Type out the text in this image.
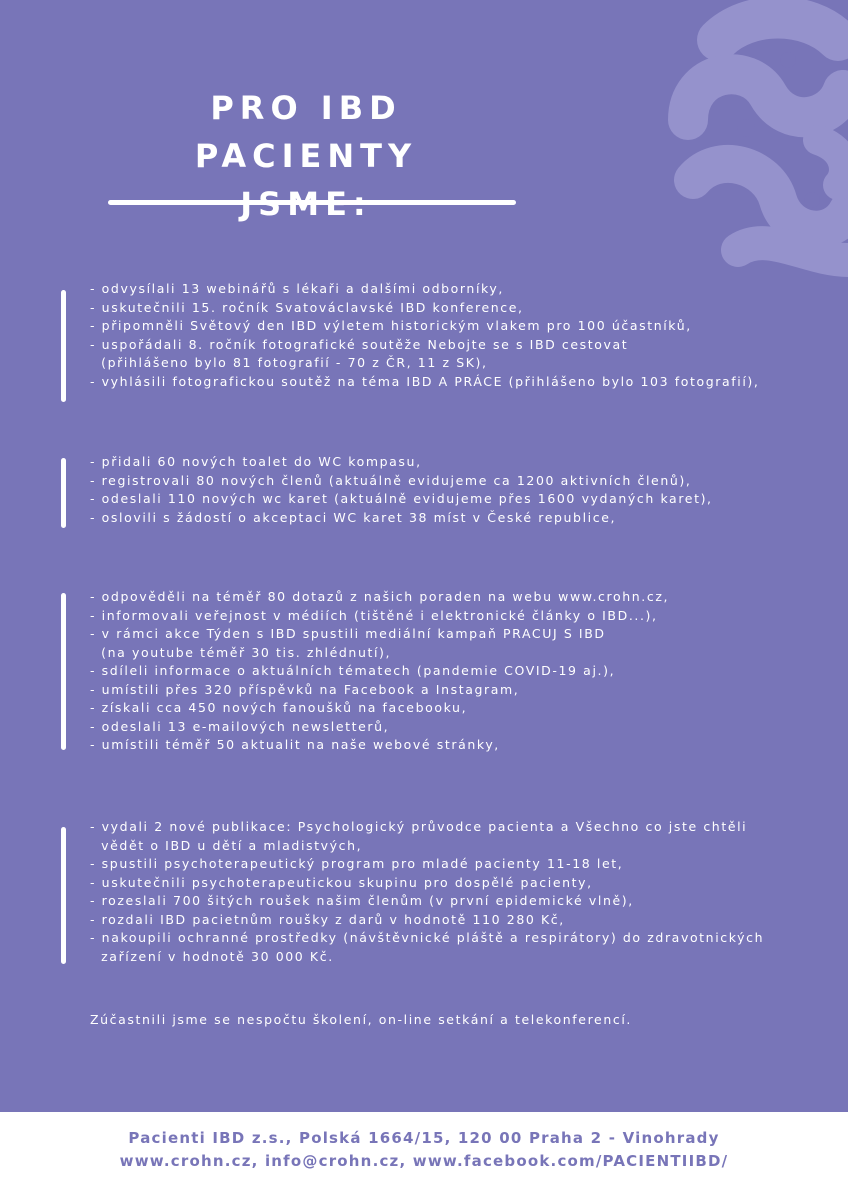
PRO IBD PACIENTY

- odvysílali 13 webinářů s lékaři a dalšími odborníky,
- uskutečnili 15. ročník Svatováclavské IBD konference,
- připomněli Světový den IBD výletem historickým vlakem pro 100 účastníků,
- uspořádali 8. ročník fotografické soutěže Nebojte se s IBD cestovat
(přihlášeno bylo 81 fotografií - 70 z ČR, 11 z SK),
- vyhlásili fotografickou soutěž na téma IBD A PRÁCE (přihlášeno bylo 103 fotografií),
- přidali 60 nových toalet do WC kompasu,
- registrovali 80 nových členů (aktuálně evidujeme ca 1200 aktivních členů),
- odeslali 110 nových wc karet (aktuálně evidujeme přes 1600 vydaných karet),
- oslovili s žádostí o akceptaci WC karet 38 míst v České republice,
- odpověděli na téměř 80 dotazů z našich poraden na webu www.crohn.cz,
- informovali veřejnost v médiích (tištěné i elektronické články o IBD...),
- v rámci akce Týden s IBD spustili mediální kampaň PRACUJ S IBD
(na youtube téměř 30 tis. zhlédnutí),
- sdíleli informace o aktuálních tématech (pandemie COVID-19 aj.),
- umístili přes 320 příspěvků na Facebook a Instagram,
- získali cca 450 nových fanoušků na facebooku,
- odeslali 13 e-mailových newsletterů,
- umístili téměř 50 aktualit na naše webové stránky,
- vydali 2 nové publikace: Psychologický průvodce pacienta a Všechno co jste chtěli
vědět o IBD u dětí a mladistvých,
- spustili psychoterapeutický program pro mladé pacienty 11-18 let,
- uskutečnili psychoterapeutickou skupinu pro dospělé pacienty,
- rozeslali 700 šitých roušek našim členům (v první epidemické vlně),
- rozdali IBD pacietnům roušky z darů v hodnotě 110 280 Kč,
- nakoupili ochranné prostředky (návštěvnické pláště a respirátory) do zdravotnických
zařízení v hodnotě 30 000 Kč.
Zúčastnili jsme se nespočtu školení, on-line setkání a telekonferencí.
Pacienti IBD z.s., Polská 1664/15, 120 00 Praha 2 - Vinohrady
www.crohn.cz, info@crohn.cz, www.facebook.com/PACIENTIIBD/
